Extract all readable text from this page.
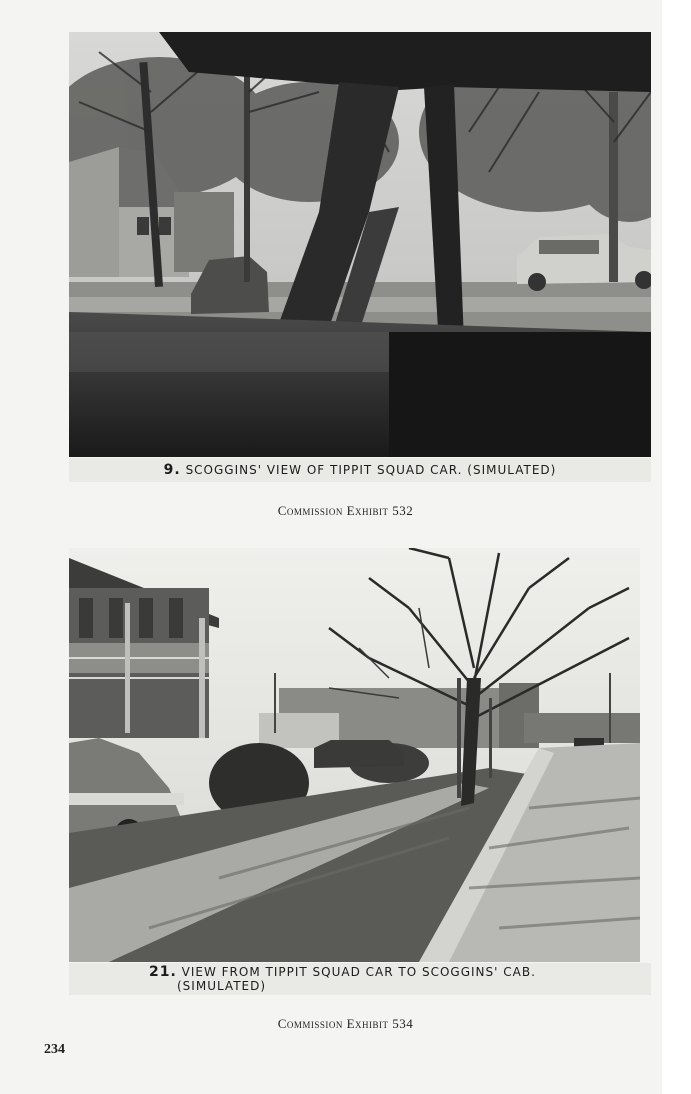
9. SCOGGINS' VIEW OF TIPPIT SQUAD CAR. (SIMULATED)
Commission Exhibit 532
21. VIEW FROM TIPPIT SQUAD CAR TO SCOGGINS' CAB.
(SIMULATED)
Commission Exhibit 534
234
